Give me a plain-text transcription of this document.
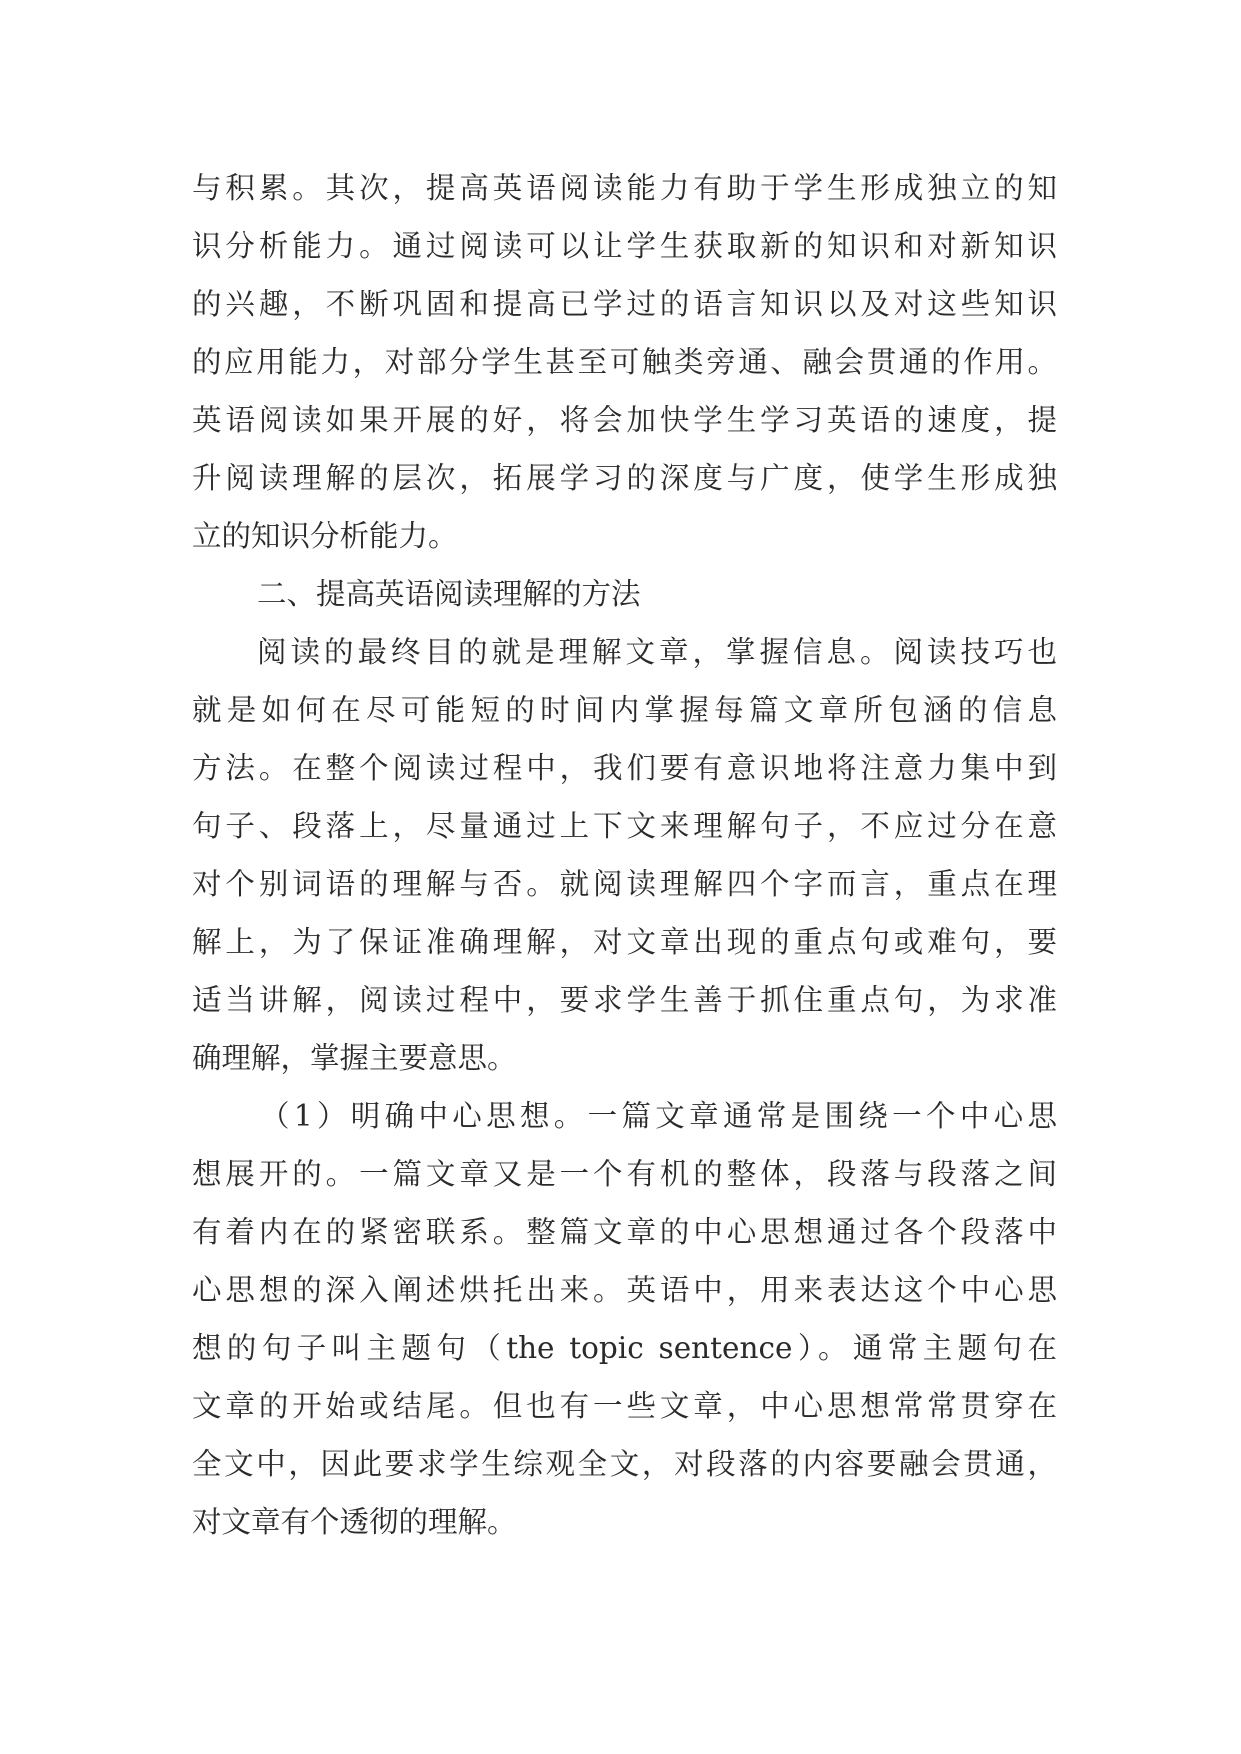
与积累。其次，提高英语阅读能力有助于学生形成独立的知
识分析能力。通过阅读可以让学生获取新的知识和对新知识
的兴趣，不断巩固和提高已学过的语言知识以及对这些知识
的应用能力，对部分学生甚至可触类旁通、融会贯通的作用。
英语阅读如果开展的好，将会加快学生学习英语的速度，提
升阅读理解的层次，拓展学习的深度与广度，使学生形成独
立的知识分析能力。
二、提高英语阅读理解的方法
阅读的最终目的就是理解文章，掌握信息。阅读技巧也
就是如何在尽可能短的时间内掌握每篇文章所包涵的信息
方法。在整个阅读过程中，我们要有意识地将注意力集中到
句子、段落上，尽量通过上下文来理解句子，不应过分在意
对个别词语的理解与否。就阅读理解四个字而言，重点在理
解上，为了保证准确理解，对文章出现的重点句或难句，要
适当讲解，阅读过程中，要求学生善于抓住重点句，为求准
确理解，掌握主要意思。
（1）明确中心思想。一篇文章通常是围绕一个中心思
想展开的。一篇文章又是一个有机的整体，段落与段落之间
有着内在的紧密联系。整篇文章的中心思想通过各个段落中
心思想的深入阐述烘托出来。英语中，用来表达这个中心思
想的句子叫主题句（the topic sentence）。通常主题句在
文章的开始或结尾。但也有一些文章，中心思想常常贯穿在
全文中，因此要求学生综观全文，对段落的内容要融会贯通，
对文章有个透彻的理解。
